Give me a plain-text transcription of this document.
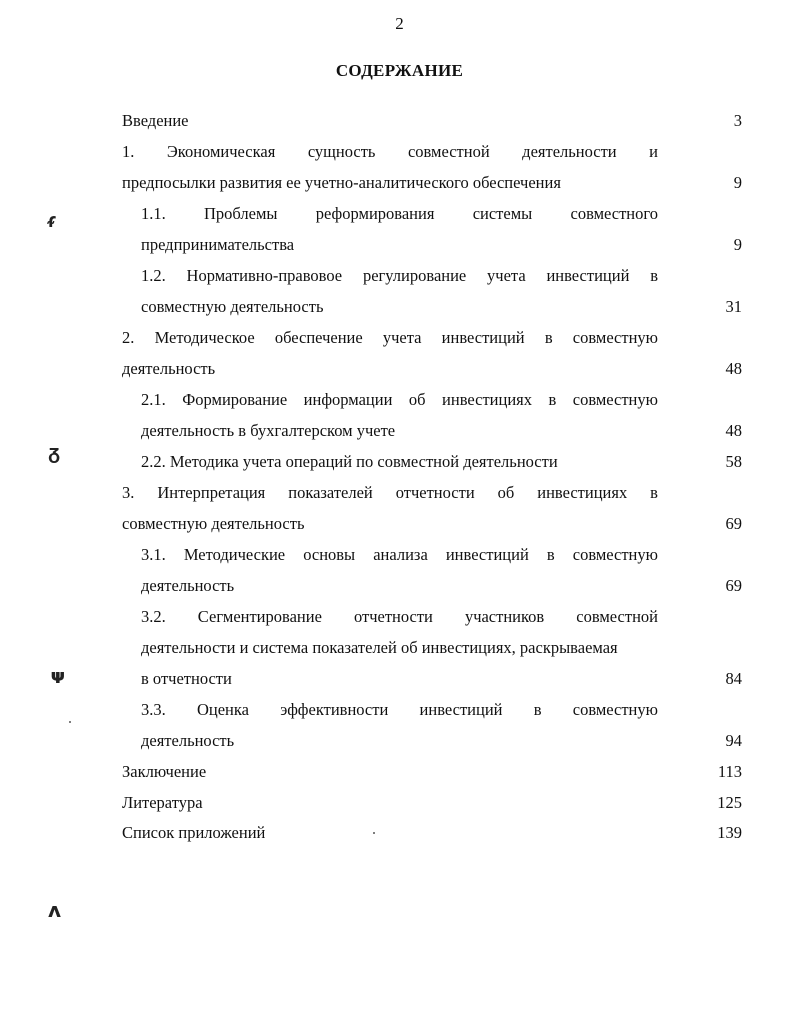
2
СОДЕРЖАНИЕ
Введение	3
1. Экономическая сущность совместной деятельности и
предпосылки развития ее учетно-аналитического обеспечения	9
1.1. Проблемы реформирования системы совместного
предпринимательства	9
1.2. Нормативно-правовое регулирование учета инвестиций в
совместную деятельность	31
2. Методическое обеспечение учета инвестиций в совместную
деятельность	48
2.1. Формирование информации об инвестициях в совместную
деятельность в бухгалтерском учете	48
2.2. Методика учета операций по совместной деятельности	58
3. Интерпретация показателей отчетности об инвестициях в
совместную деятельность	69
3.1. Методические основы анализа инвестиций в совместную
деятельность	69
3.2. Сегментирование отчетности участников совместной
деятельности и система показателей об инвестициях, раскрываемая
в отчетности	84
3.3. Оценка эффективности инвестиций в совместную
деятельность	94
Заключение	113
Литература	125
Список приложений	139
ᵳ
ᵹ
ᴪ
ᴧ
